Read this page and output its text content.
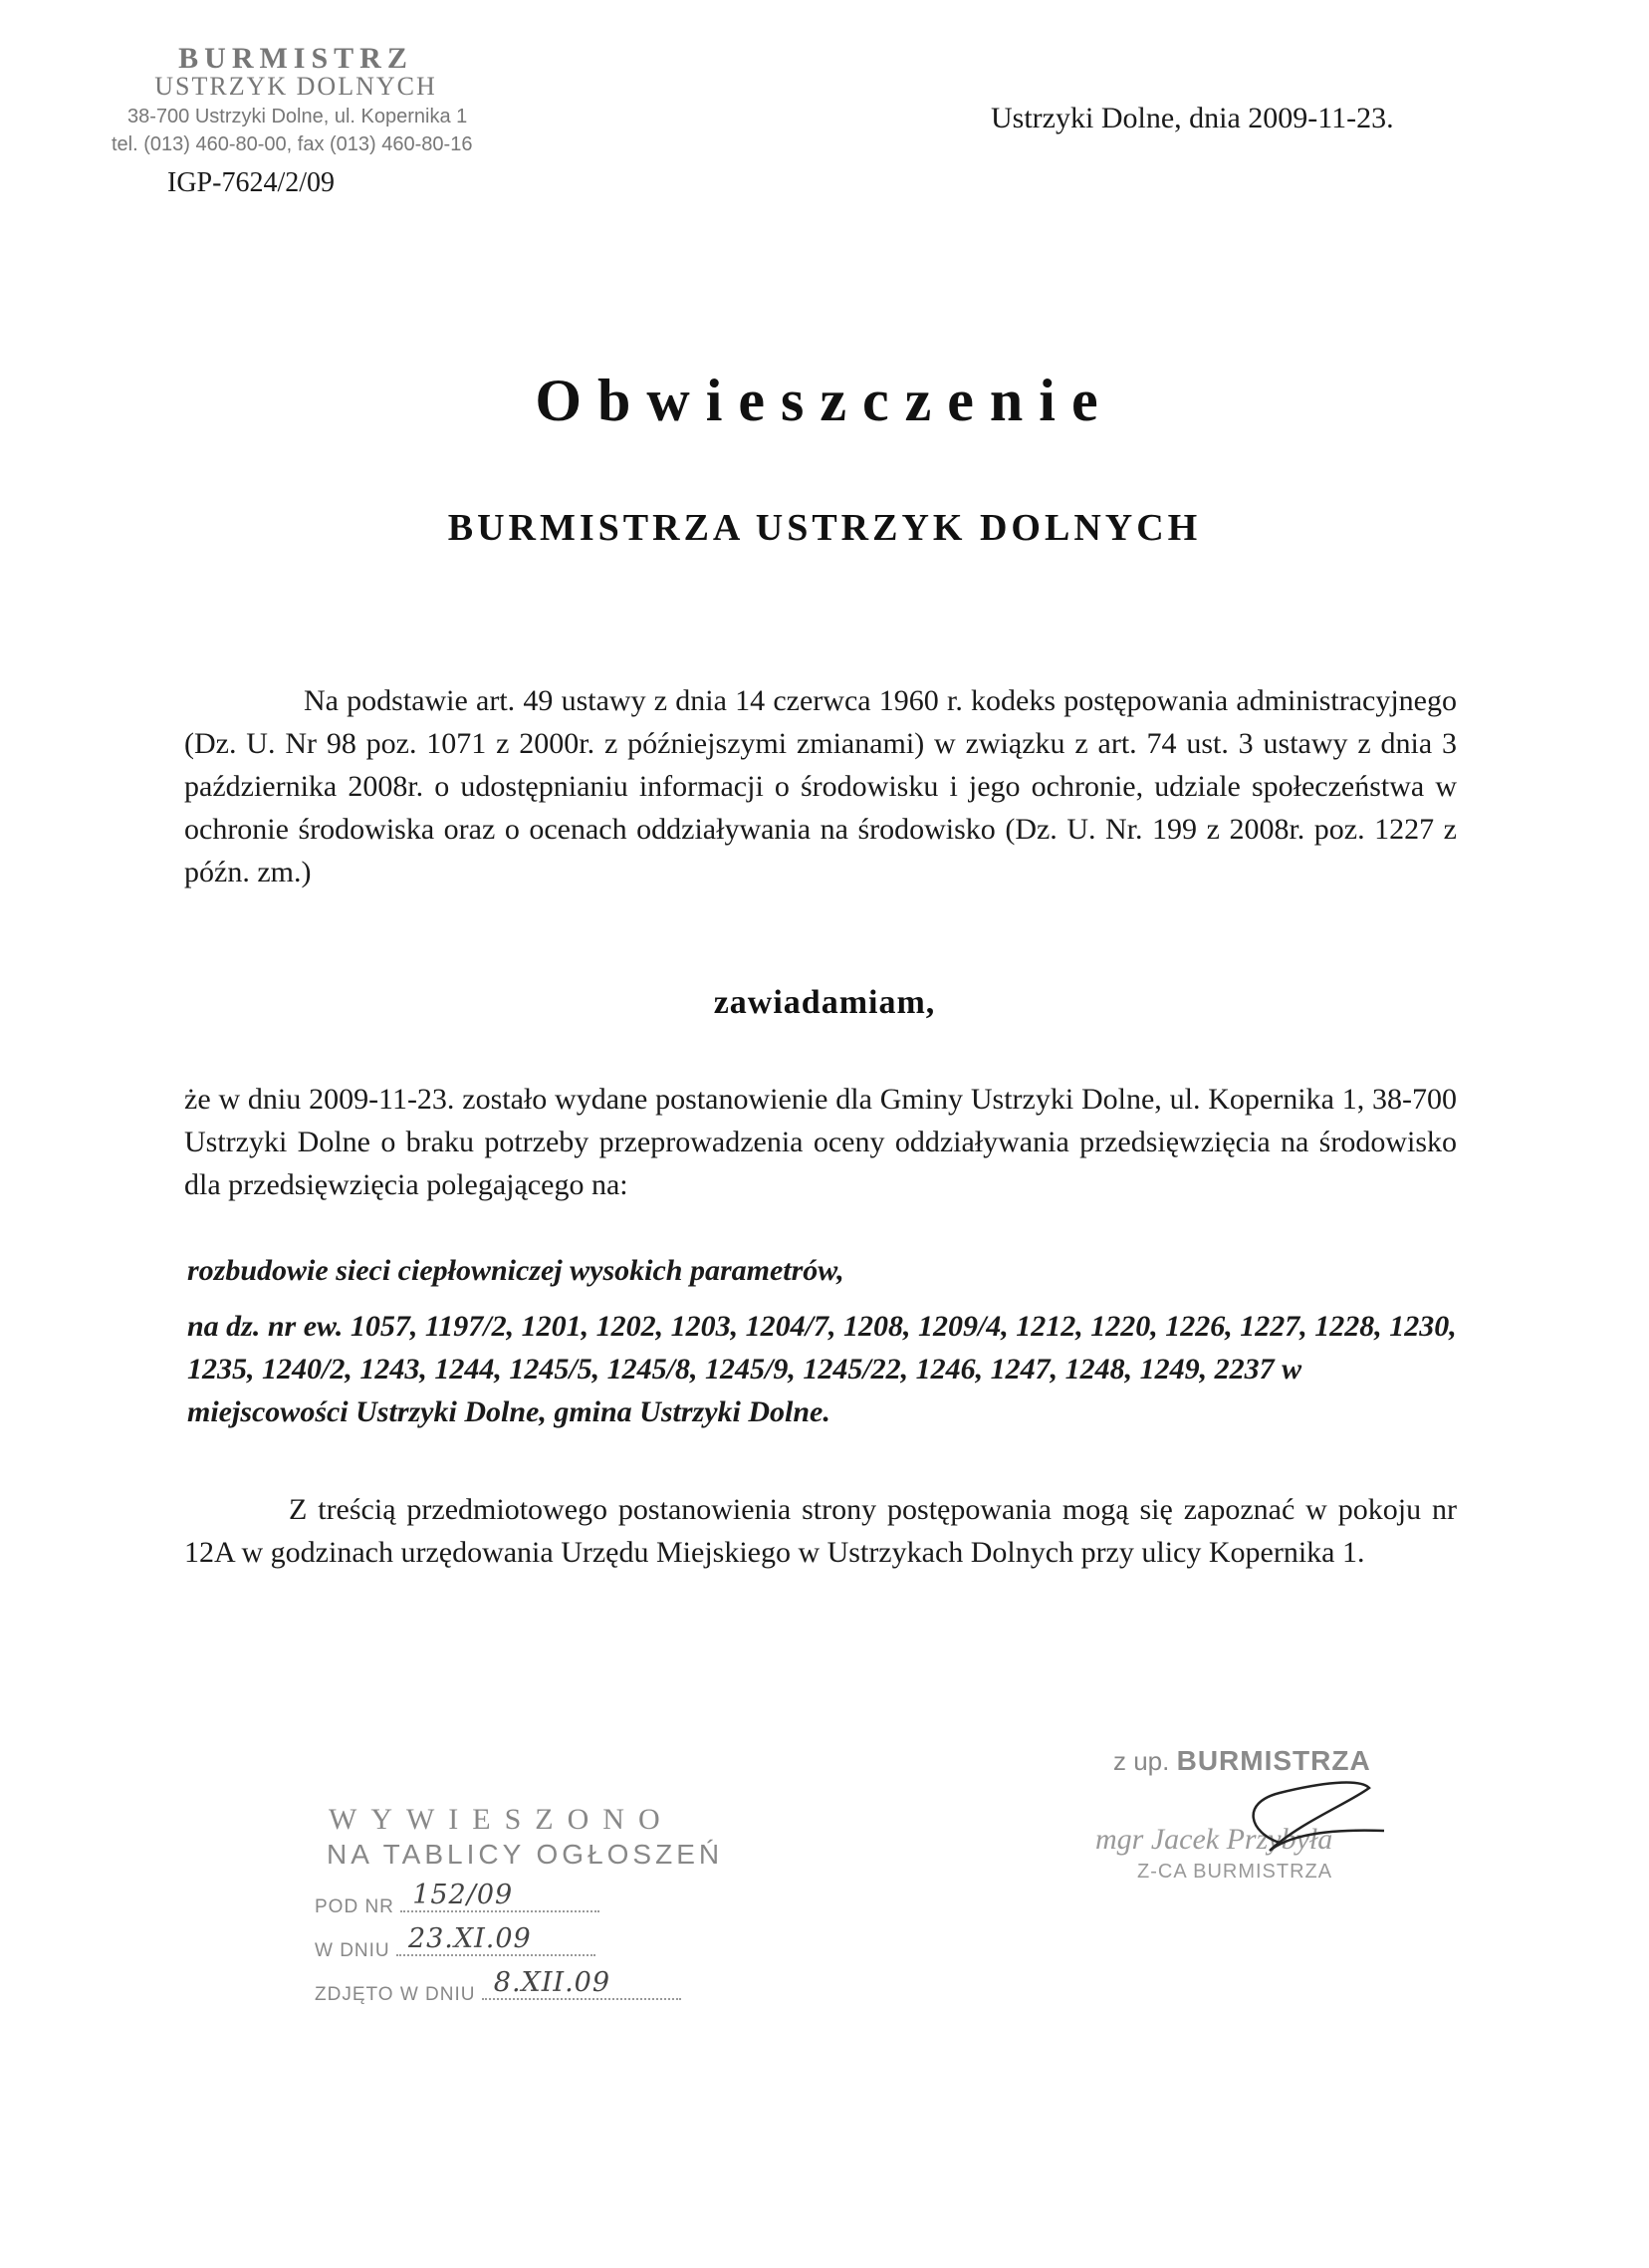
BURMISTRZ
USTRZYK DOLNYCH
38-700 Ustrzyki Dolne, ul. Kopernika 1
tel. (013) 460-80-00, fax (013) 460-80-16
IGP-7624/2/09
Ustrzyki Dolne, dnia 2009-11-23.
Obwieszczenie
BURMISTRZA USTRZYK DOLNYCH
Na podstawie art. 49 ustawy z dnia 14 czerwca 1960 r. kodeks postępowania administracyjnego (Dz. U. Nr 98 poz. 1071 z 2000r. z późniejszymi zmianami) w związku z art. 74 ust. 3 ustawy z dnia 3 października 2008r. o udostępnianiu informacji o środowisku i jego ochronie, udziale społeczeństwa w ochronie środowiska oraz o ocenach oddziaływania na środowisko (Dz. U. Nr. 199 z 2008r. poz. 1227 z późn. zm.)
zawiadamiam,
że w dniu 2009-11-23. zostało wydane postanowienie dla Gminy Ustrzyki Dolne, ul. Kopernika 1, 38-700 Ustrzyki Dolne o braku potrzeby przeprowadzenia oceny oddziaływania przedsięwzięcia na środowisko dla przedsięwzięcia polegającego na:
rozbudowie sieci ciepłowniczej wysokich parametrów,
na dz. nr ew. 1057, 1197/2, 1201, 1202, 1203, 1204/7, 1208, 1209/4, 1212, 1220, 1226, 1227, 1228, 1230, 1235, 1240/2, 1243, 1244, 1245/5, 1245/8, 1245/9, 1245/22, 1246, 1247, 1248, 1249, 2237 w miejscowości Ustrzyki Dolne, gmina Ustrzyki Dolne.
Z treścią przedmiotowego postanowienia strony postępowania mogą się zapoznać w pokoju nr 12A w godzinach urzędowania Urzędu Miejskiego w Ustrzykach Dolnych przy ulicy Kopernika 1.
z up. BURMISTRZA
mgr Jacek Przybyła
Z-CA BURMISTRZA
WYWIESZONO
NA TABLICY OGŁOSZEŃ
POD NR 152/09
W DNIU 23.XI.09
ZDJĘTO W DNIU 8.XII.09
